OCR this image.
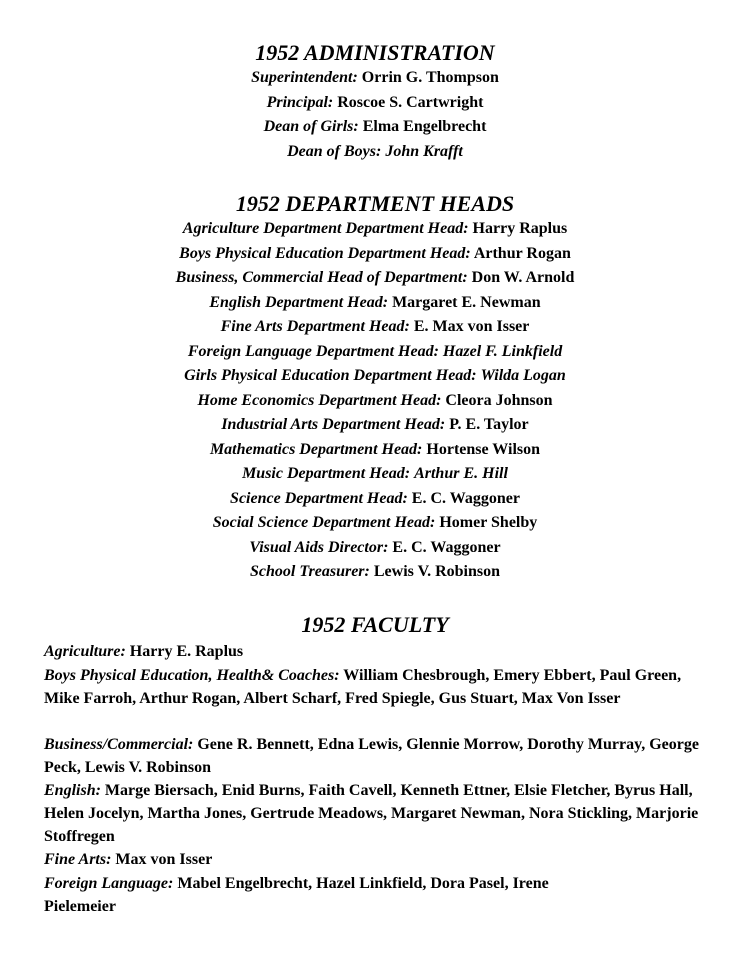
1952 ADMINISTRATION
Superintendent: Orrin G. Thompson
Principal: Roscoe S. Cartwright
Dean of Girls: Elma Engelbrecht
Dean of Boys: John Krafft
1952 DEPARTMENT HEADS
Agriculture Department Department Head: Harry Raplus
Boys Physical Education Department Head: Arthur Rogan
Business, Commercial Head of Department: Don W. Arnold
English Department Head: Margaret E. Newman
Fine Arts Department Head: E. Max von Isser
Foreign Language Department Head: Hazel F. Linkfield
Girls Physical Education Department Head: Wilda Logan
Home Economics Department Head: Cleora Johnson
Industrial Arts Department Head: P. E. Taylor
Mathematics Department Head: Hortense Wilson
Music Department Head: Arthur E. Hill
Science Department Head: E. C. Waggoner
Social Science Department Head: Homer Shelby
Visual Aids Director: E. C. Waggoner
School Treasurer: Lewis V. Robinson
1952 FACULTY
Agriculture: Harry E. Raplus
Boys Physical Education, Health& Coaches: William Chesbrough, Emery Ebbert, Paul Green, Mike Farroh, Arthur Rogan, Albert Scharf, Fred Spiegle, Gus Stuart, Max Von Isser
Business/Commercial: Gene R. Bennett, Edna Lewis, Glennie Morrow, Dorothy Murray, George Peck, Lewis V. Robinson
English: Marge Biersach, Enid Burns, Faith Cavell, Kenneth Ettner, Elsie Fletcher, Byrus Hall, Helen Jocelyn, Martha Jones, Gertrude Meadows, Margaret Newman, Nora Stickling, Marjorie Stoffregen
Fine Arts: Max von Isser
Foreign Language: Mabel Engelbrecht, Hazel Linkfield, Dora Pasel, Irene Pielemeier
